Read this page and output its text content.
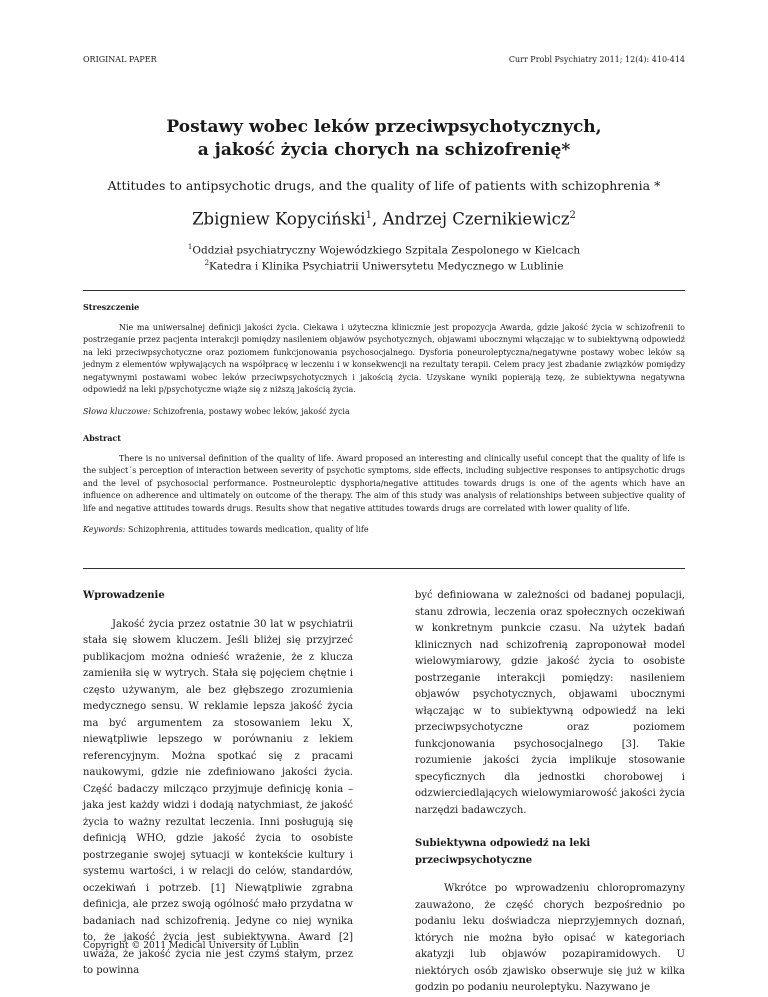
ORIGINAL PAPER	Curr Probl Psychiatry 2011; 12(4): 410-414
Postawy wobec leków przeciwpsychotycznych,
a jakość życia chorych na schizofrenię*
Attitudes to antipsychotic drugs, and the quality of life of patients with schizophrenia *
Zbigniew Kopyciński$^1$, Andrzej Czernikiewicz$^2$
$^1$Oddział psychiatryczny Wojewódzkiego Szpitala Zespolonego w Kielcach
$^2$Katedra i Klinika Psychiatrii Uniwersytetu Medycznego w Lublinie
Streszczenie

Nie ma uniwersalnej definicji jakości życia. Ciekawa i użyteczna klinicznie jest propozycja Awarda, gdzie jakość życia w schizofrenii to postrzeganie przez pacjenta interakcji pomiędzy nasileniem objawów psychotycznych, objawami ubocznymi włączając w to subiektywną odpowiedź na leki przeciwpsychotyczne oraz poziomem funkcjonowania psychosocjalnego. Dysforia poneuroleptyczna/negatywne postawy wobec leków są jednym z elementów wpływających na współpracę w leczeniu i w konsekwencji na rezultaty terapii. Celem pracy jest zbadanie związków pomiędzy negatywnymi postawami wobec leków przeciwpsychotycznych i jakością życia. Uzyskane wyniki popierają tezę, że subiektywna negatywna odpowiedź na leki p/psychotyczne wiąże się z niższą jakością życia.

Słowa kluczowe: Schizofrenia, postawy wobec leków, jakość życia
Abstract

There is no universal definition of the quality of life. Award proposed an interesting and clinically useful concept that the quality of life is the subject´s perception of interaction between severity of psychotic symptoms, side effects, including subjective responses to antipsychotic drugs and the level of psychosocial performance. Postneuroleptic dysphoria/negative attitudes towards drugs is one of the agents which have an influence on adherence and ultimately on outcome of the therapy. The aim of this study was analysis of relationships between subjective quality of life and negative attitudes towards drugs. Results show that negative attitudes towards drugs are correlated with lower quality of life.

Keywords: Schizophrenia, attitudes towards medication, quality of life
Wprowadzenie

Jakość życia przez ostatnie 30 lat w psychiatrii stała się słowem kluczem. Jeśli bliżej się przyjrzeć publikacjom można odnieść wrażenie, że z klucza zamieniła się w wytrych. Stała się pojęciem chętnie i często używanym, ale bez głębszego zrozumienia medycznego sensu. W reklamie lepsza jakość życia ma być argumentem za stosowaniem leku X, niewątpliwie lepszego w porównaniu z lekiem referencyjnym. Można spotkać się z pracami naukowymi, gdzie nie zdefiniowano jakości życia. Część badaczy milcząco przyjmuje definicję konia – jaka jest każdy widzi i dodają natychmiast, że jakość życia to ważny rezultat leczenia. Inni posługują się definicją WHO, gdzie jakość życia to osobiste postrzeganie swojej sytuacji w kontekście kultury i systemu wartości, i w relacji do celów, standardów, oczekiwań i potrzeb. [1] Niewątpliwie zgrabna definicja, ale przez swoją ogólność mało przydatna w badaniach nad schizofrenią. Jedyne co niej wynika to, że jakość życia jest subiektywna. Award [2] uważa, że jakość życia nie jest czymś stałym, przez to powinna

być definiowana w zależności od badanej populacji, stanu zdrowia, leczenia oraz społecznych oczekiwań w konkretnym punkcie czasu. Na użytek badań klinicznych nad schizofrenią zaproponował model wielowymiarowy, gdzie jakość życia to osobiste postrzeganie interakcji pomiędzy: nasileniem objawów psychotycznych, objawami ubocznymi włączając w to subiektywną odpowiedź na leki przeciwpsychotyczne oraz poziomem funkcjonowania psychosocjalnego [3]. Takie rozumienie jakości życia implikuje stosowanie specyficznych dla jednostki chorobowej i odzwierciedlających wielowymiarowość jakości życia narzędzi badawczych.

Subiektywna odpowiedź na leki przeciwpsychotyczne

Wkrótce po wprowadzeniu chloropromazyny zauważono, że część chorych bezpośrednio po podaniu leku doświadcza nieprzyjemnych doznań, których nie można było opisać w kategoriach akatyzji lub objawów pozapiramidowych. U niektórych osób zjawisko obserwuje się już w kilka godzin po podaniu neuroleptyku. Nazywano je

Copyright © 2011 Medical University of Lublin
